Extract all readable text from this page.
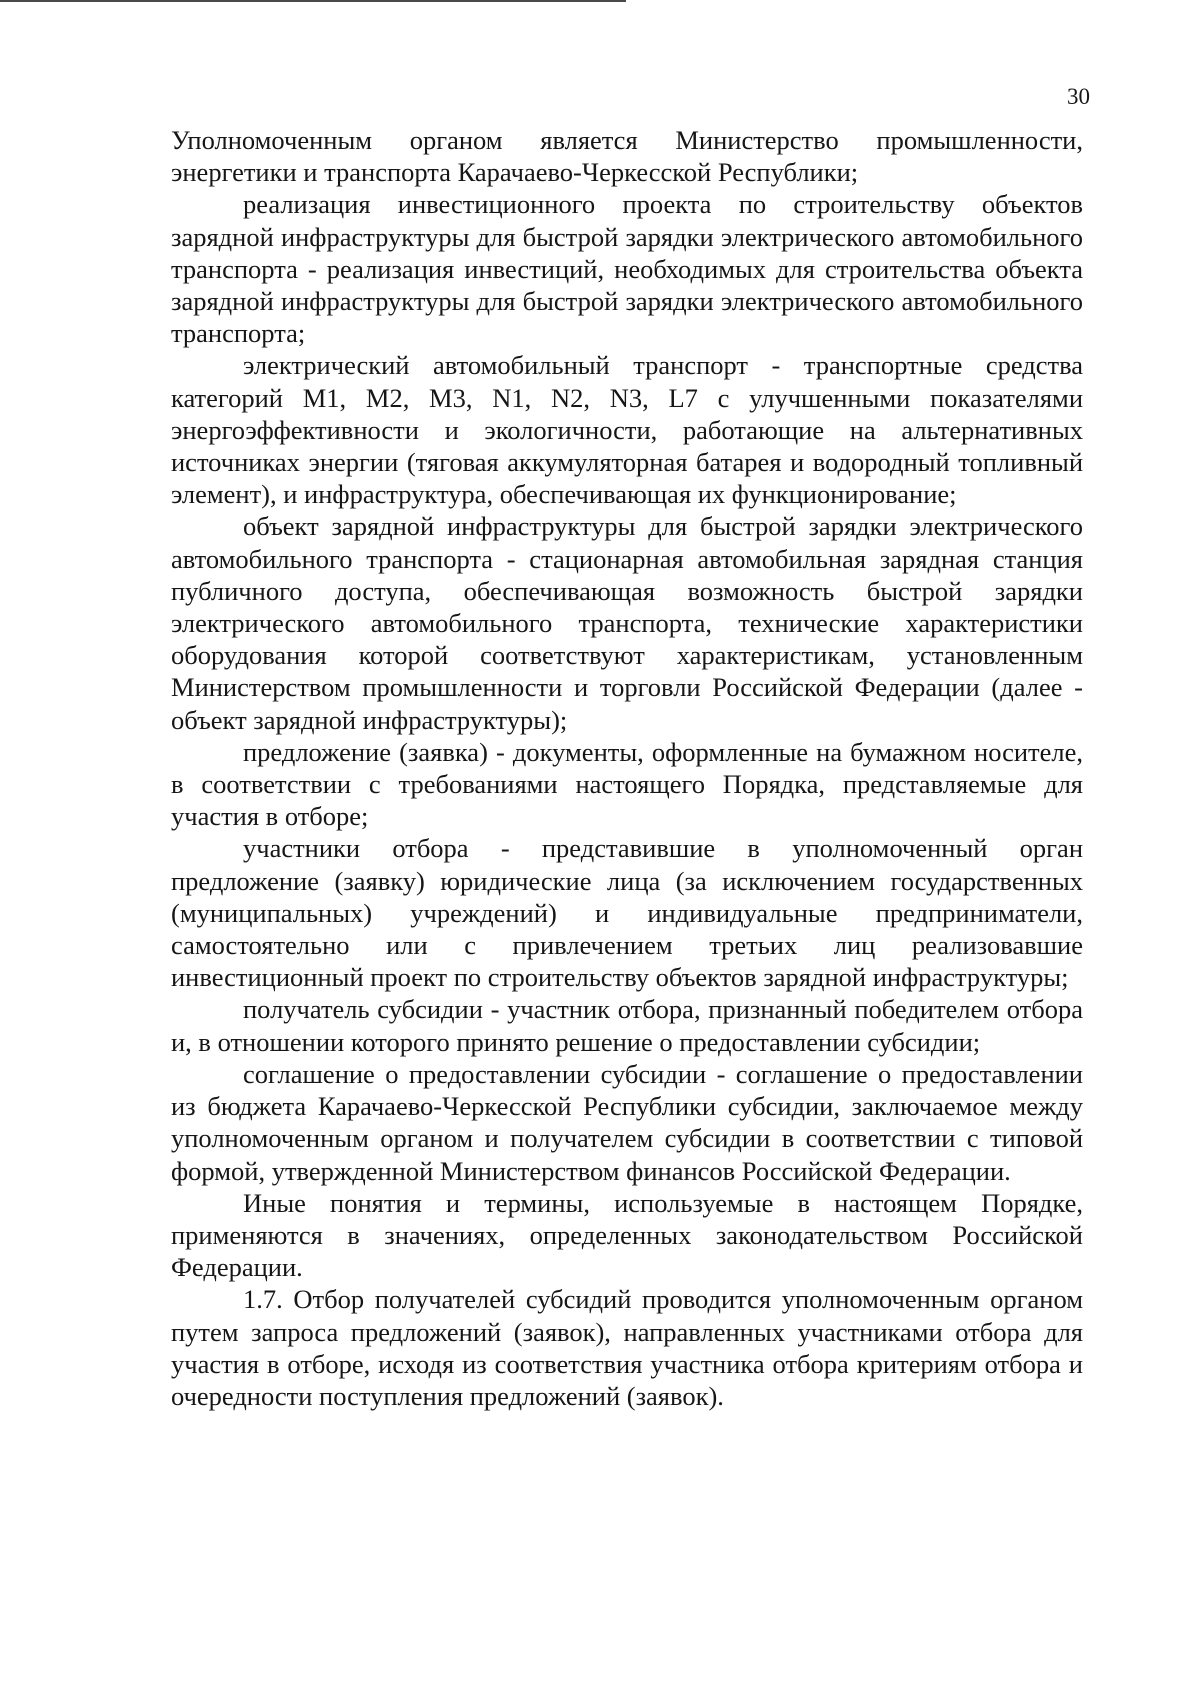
30

Уполномоченным органом является Министерство промышленности, энергетики и транспорта Карачаево-Черкесской Республики;

реализация инвестиционного проекта по строительству объектов зарядной инфраструктуры для быстрой зарядки электрического автомобильного транспорта - реализация инвестиций, необходимых для строительства объекта зарядной инфраструктуры для быстрой зарядки электрического автомобильного транспорта;

электрический автомобильный транспорт - транспортные средства категорий M1, M2, M3, N1, N2, N3, L7 с улучшенными показателями энергоэффективности и экологичности, работающие на альтернативных источниках энергии (тяговая аккумуляторная батарея и водородный топливный элемент), и инфраструктура, обеспечивающая их функционирование;

объект зарядной инфраструктуры для быстрой зарядки электрического автомобильного транспорта - стационарная автомобильная зарядная станция публичного доступа, обеспечивающая возможность быстрой зарядки электрического автомобильного транспорта, технические характеристики оборудования которой соответствуют характеристикам, установленным Министерством промышленности и торговли Российской Федерации (далее - объект зарядной инфраструктуры);

предложение (заявка) - документы, оформленные на бумажном носителе, в соответствии с требованиями настоящего Порядка, представляемые для участия в отборе;

участники отбора - представившие в уполномоченный орган предложение (заявку) юридические лица (за исключением государственных (муниципальных) учреждений) и индивидуальные предприниматели, самостоятельно или с привлечением третьих лиц реализовавшие инвестиционный проект по строительству объектов зарядной инфраструктуры;

получатель субсидии - участник отбора, признанный победителем отбора и, в отношении которого принято решение о предоставлении субсидии;

соглашение о предоставлении субсидии - соглашение о предоставлении из бюджета Карачаево-Черкесской Республики субсидии, заключаемое между уполномоченным органом и получателем субсидии в соответствии с типовой формой, утвержденной Министерством финансов Российской Федерации.

Иные понятия и термины, используемые в настоящем Порядке, применяются в значениях, определенных законодательством Российской Федерации.

1.7. Отбор получателей субсидий проводится уполномоченным органом путем запроса предложений (заявок), направленных участниками отбора для участия в отборе, исходя из соответствия участника отбора критериям отбора и очередности поступления предложений (заявок).
